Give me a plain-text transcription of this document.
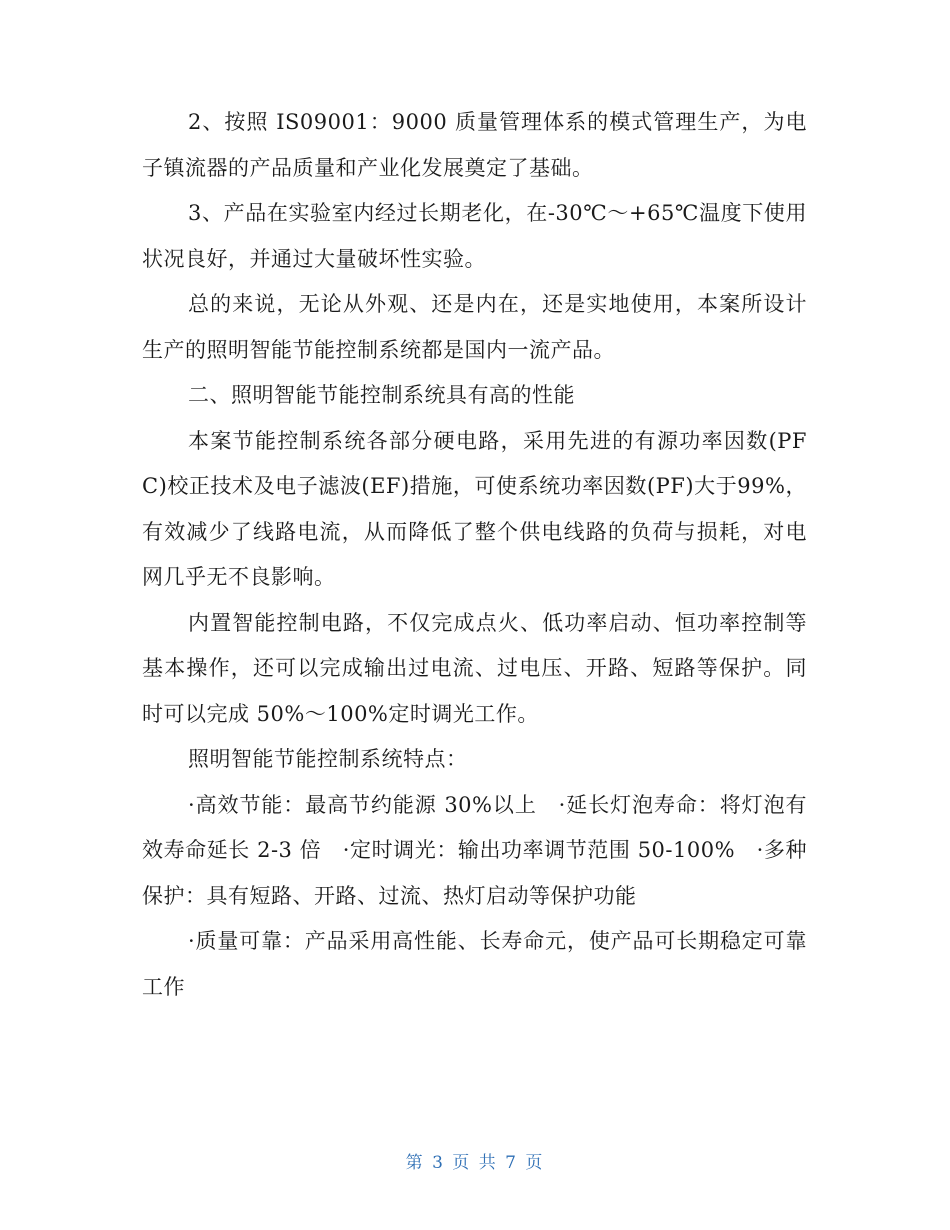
2、按照 IS09001：9000 质量管理体系的模式管理生产，为电子镇流器的产品质量和产业化发展奠定了基础。

3、产品在实验室内经过长期老化，在-30℃～+65℃温度下使用状况良好，并通过大量破坏性实验。

总的来说，无论从外观、还是内在，还是实地使用，本案所设计生产的照明智能节能控制系统都是国内一流产品。

二、照明智能节能控制系统具有高的性能

本案节能控制系统各部分硬电路，采用先进的有源功率因数(PFC)校正技术及电子滤波(EF)措施，可使系统功率因数(PF)大于99%，有效减少了线路电流，从而降低了整个供电线路的负荷与损耗，对电网几乎无不良影响。

内置智能控制电路，不仅完成点火、低功率启动、恒功率控制等基本操作，还可以完成输出过电流、过电压、开路、短路等保护。同时可以完成 50%～100%定时调光工作。

照明智能节能控制系统特点：

·高效节能：最高节约能源 30%以上　·延长灯泡寿命：将灯泡有效寿命延长 2-3 倍　·定时调光：输出功率调节范围 50-100%　·多种保护：具有短路、开路、过流、热灯启动等保护功能

·质量可靠：产品采用高性能、长寿命元，使产品可长期稳定可靠工作

第 3 页 共 7 页
